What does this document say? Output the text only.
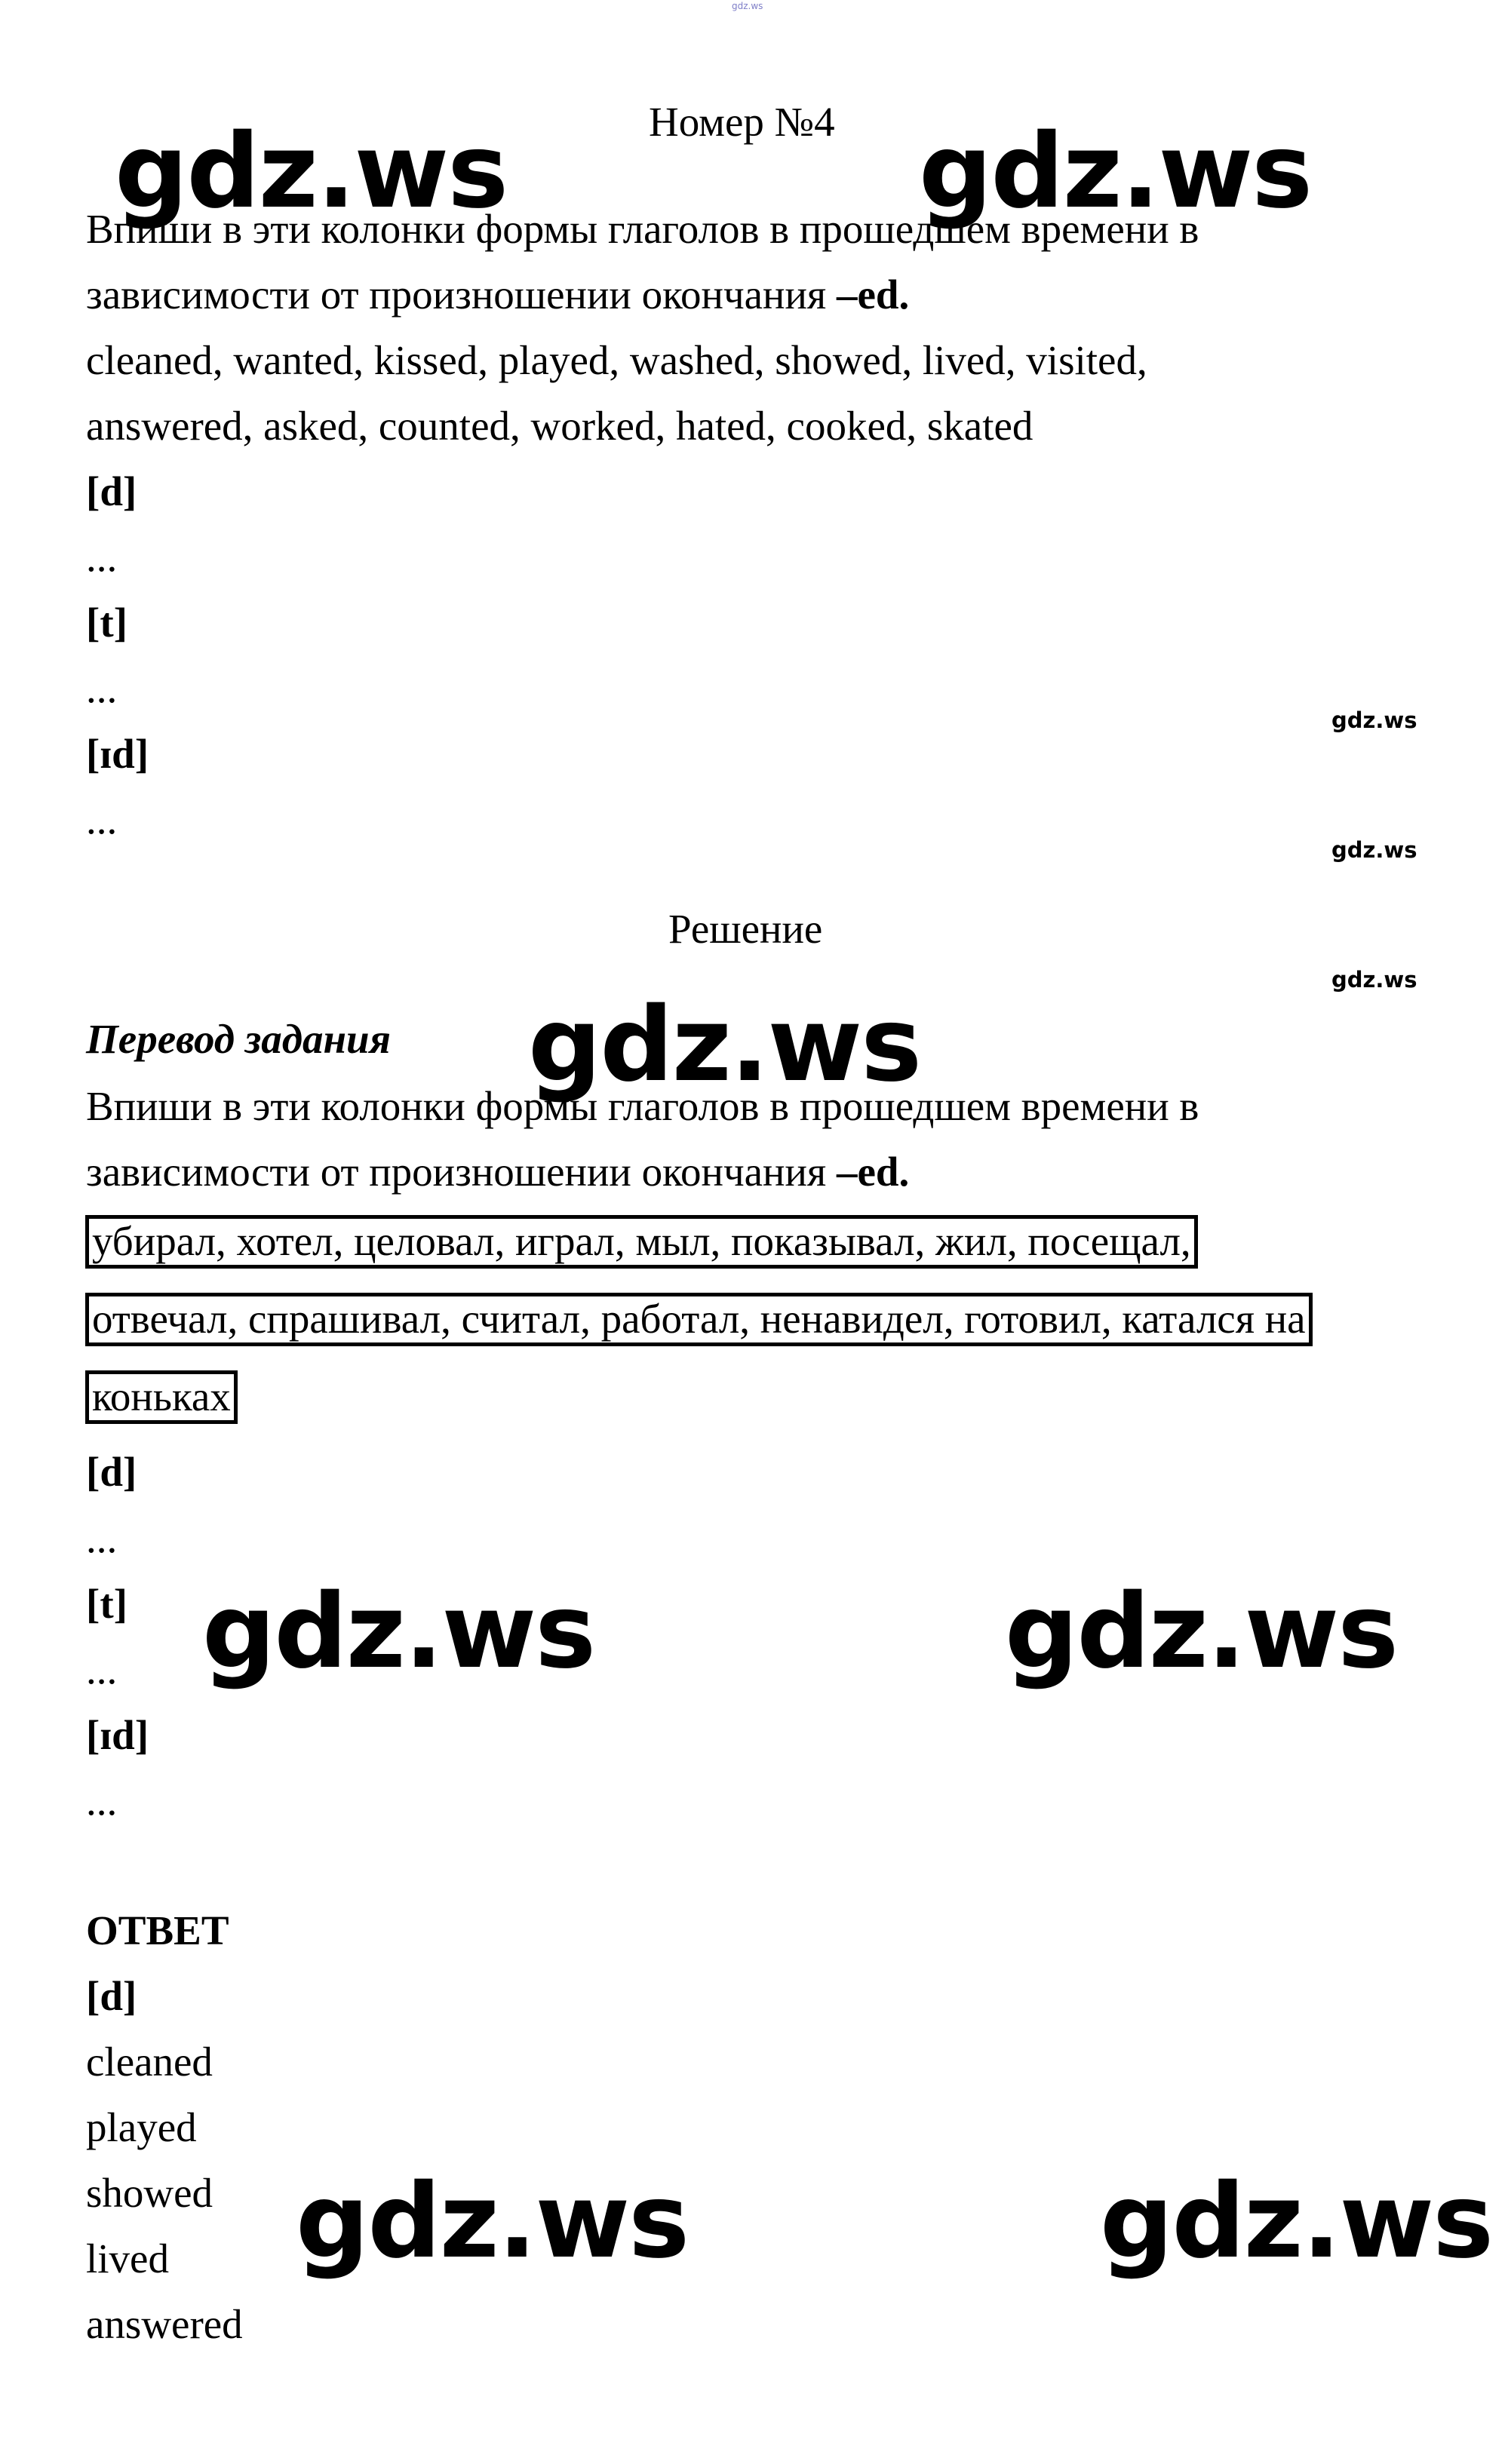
gdz.ws
Номер №4
Впиши в эти колонки формы глаголов в прошедшем времени в
зависимости от произношении окончания –ed.
cleaned, wanted, kissed, played, washed, showed, lived, visited,
answered, asked, counted, worked, hated, cooked, skated
[d]
...
[t]
...
[ɪd]
...
Решение
Перевод задания
Впиши в эти колонки формы глаголов в прошедшем времени в
зависимости от произношении окончания –ed.
убирал, хотел, целовал, играл, мыл, показывал, жил, посещал,
отвечал, спрашивал, считал, работал, ненавидел, готовил, катался на
коньках
[d]
...
[t]
...
[ɪd]
...
ОТВЕТ
[d]
cleaned
played
showed
lived
answered
gdz.ws	gdz.ws
gdz.ws
gdz.ws	gdz.ws
gdz.ws	gdz.ws
gdz.ws
gdz.ws
gdz.ws
